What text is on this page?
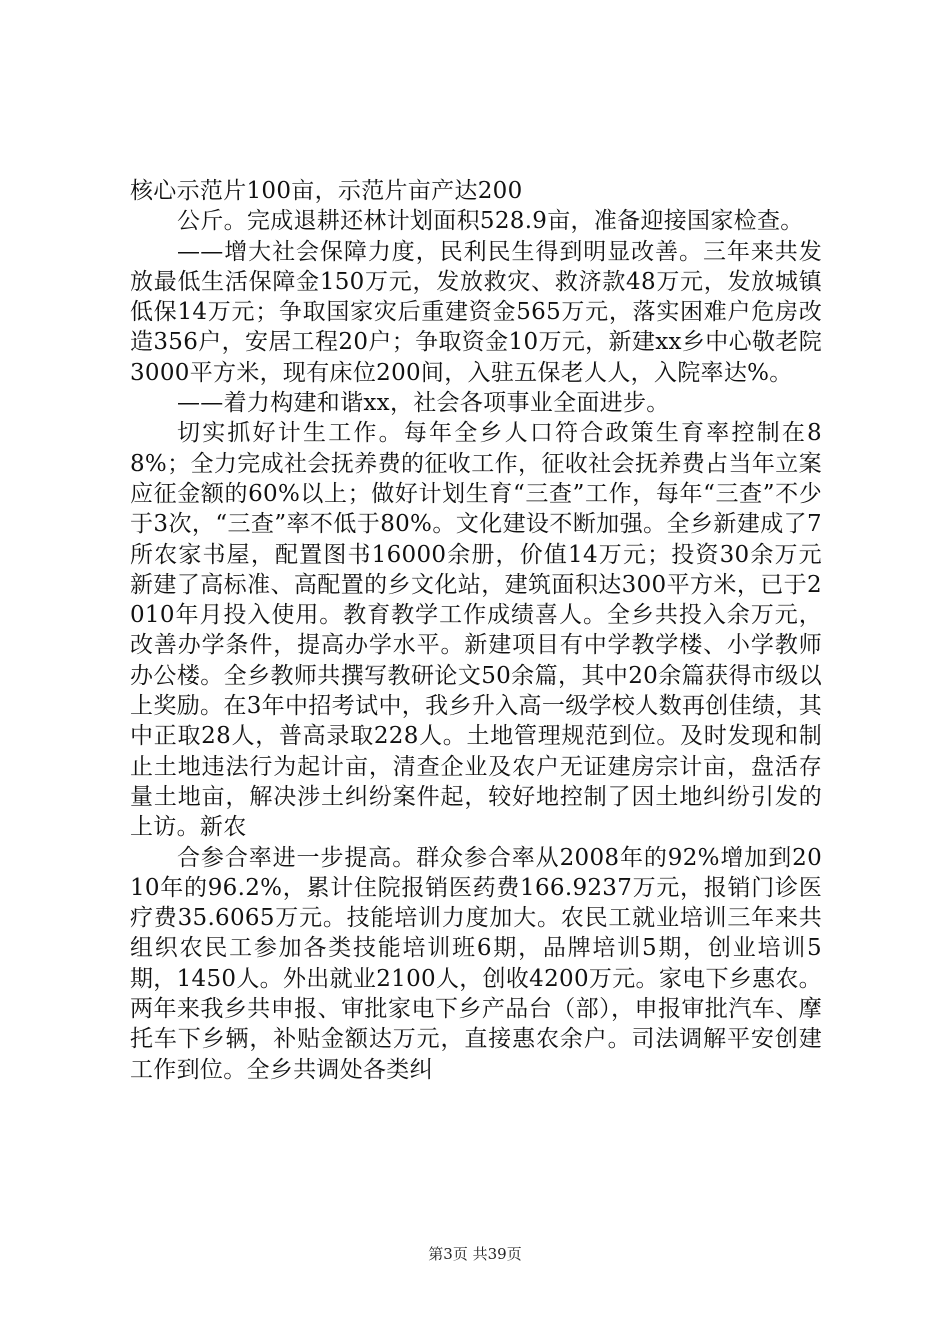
核心示范片100亩，示范片亩产达200

公斤。完成退耕还林计划面积528.9亩，准备迎接国家检查。

——增大社会保障力度，民利民生得到明显改善。三年来共发放最低生活保障金150万元，发放救灾、救济款48万元，发放城镇低保14万元；争取国家灾后重建资金565万元，落实困难户危房改造356户，安居工程20户；争取资金10万元，新建xx乡中心敬老院3000平方米，现有床位200间，入驻五保老人人，入院率达%。

——着力构建和谐xx，社会各项事业全面进步。

切实抓好计生工作。每年全乡人口符合政策生育率控制在88%；全力完成社会抚养费的征收工作，征收社会抚养费占当年立案应征金额的60%以上；做好计划生育“三查”工作，每年“三查”不少于3次，“三查”率不低于80%。文化建设不断加强。全乡新建成了7所农家书屋，配置图书16000余册，价值14万元；投资30余万元新建了高标准、高配置的乡文化站，建筑面积达300平方米，已于2010年月投入使用。教育教学工作成绩喜人。全乡共投入余万元，改善办学条件，提高办学水平。新建项目有中学教学楼、小学教师办公楼。全乡教师共撰写教研论文50余篇，其中20余篇获得市级以上奖励。在3年中招考试中，我乡升入高一级学校人数再创佳绩，其中正取28人，普高录取228人。土地管理规范到位。及时发现和制止土地违法行为起计亩，清查企业及农户无证建房宗计亩，盘活存量土地亩，解决涉土纠纷案件起，较好地控制了因土地纠纷引发的上访。新农

合参合率进一步提高。群众参合率从2008年的92%增加到2010年的96.2%，累计住院报销医药费166.9237万元，报销门诊医疗费35.6065万元。技能培训力度加大。农民工就业培训三年来共组织农民工参加各类技能培训班6期，品牌培训5期，创业培训5期，1450人。外出就业2100人，创收4200万元。家电下乡惠农。两年来我乡共申报、审批家电下乡产品台（部），申报审批汽车、摩托车下乡辆，补贴金额达万元，直接惠农余户。司法调解平安创建工作到位。全乡共调处各类纠

第3页 共39页
